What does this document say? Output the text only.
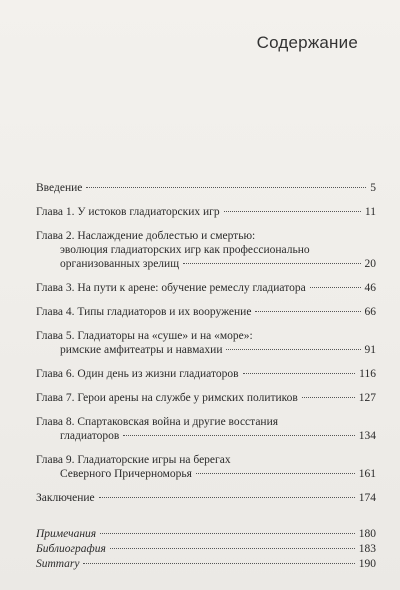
Содержание
Введение	5
Глава 1. У истоков гладиаторских игр	11
Глава 2. Наслаждение доблестью и смертью:
эволюция гладиаторских игр как профессионально
организованных зрелищ	20
Глава 3. На пути к арене: обучение ремеслу гладиатора	46
Глава 4. Типы гладиаторов и их вооружение	66
Глава 5. Гладиаторы на «суше» и на «море»:
римские амфитеатры и навмахии	91
Глава 6. Один день из жизни гладиаторов	116
Глава 7. Герои арены на службе у римских политиков	127
Глава 8. Спартаковская война и другие восстания
гладиаторов	134
Глава 9. Гладиаторские игры на берегах
Северного Причерноморья	161
Заключение	174
Примечания	180
Библиография	183
Summary	190
